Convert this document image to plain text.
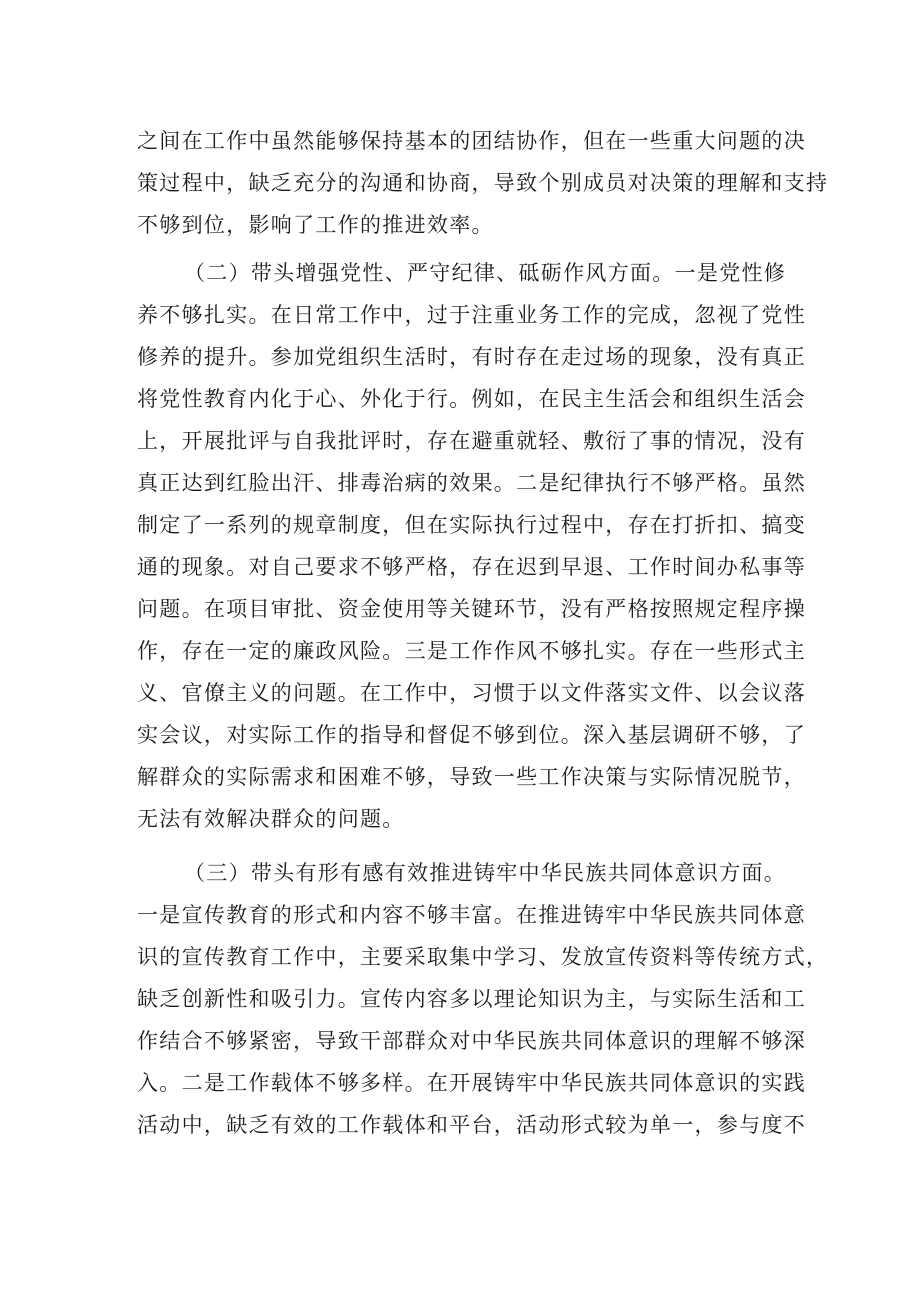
之间在工作中虽然能够保持基本的团结协作，但在一些重大问题的决
策过程中，缺乏充分的沟通和协商，导致个别成员对决策的理解和支持
不够到位，影响了工作的推进效率。
（二）带头增强党性、严守纪律、砥砺作风方面。一是党性修
养不够扎实。在日常工作中，过于注重业务工作的完成，忽视了党性
修养的提升。参加党组织生活时，有时存在走过场的现象，没有真正
将党性教育内化于心、外化于行。例如，在民主生活会和组织生活会
上，开展批评与自我批评时，存在避重就轻、敷衍了事的情况，没有
真正达到红脸出汗、排毒治病的效果。二是纪律执行不够严格。虽然
制定了一系列的规章制度，但在实际执行过程中，存在打折扣、搞变
通的现象。对自己要求不够严格，存在迟到早退、工作时间办私事等
问题。在项目审批、资金使用等关键环节，没有严格按照规定程序操
作，存在一定的廉政风险。三是工作作风不够扎实。存在一些形式主
义、官僚主义的问题。在工作中，习惯于以文件落实文件、以会议落
实会议，对实际工作的指导和督促不够到位。深入基层调研不够，了
解群众的实际需求和困难不够，导致一些工作决策与实际情况脱节，
无法有效解决群众的问题。
（三）带头有形有感有效推进铸牢中华民族共同体意识方面。
一是宣传教育的形式和内容不够丰富。在推进铸牢中华民族共同体意
识的宣传教育工作中，主要采取集中学习、发放宣传资料等传统方式，
缺乏创新性和吸引力。宣传内容多以理论知识为主，与实际生活和工
作结合不够紧密，导致干部群众对中华民族共同体意识的理解不够深
入。二是工作载体不够多样。在开展铸牢中华民族共同体意识的实践
活动中，缺乏有效的工作载体和平台，活动形式较为单一，参与度不
